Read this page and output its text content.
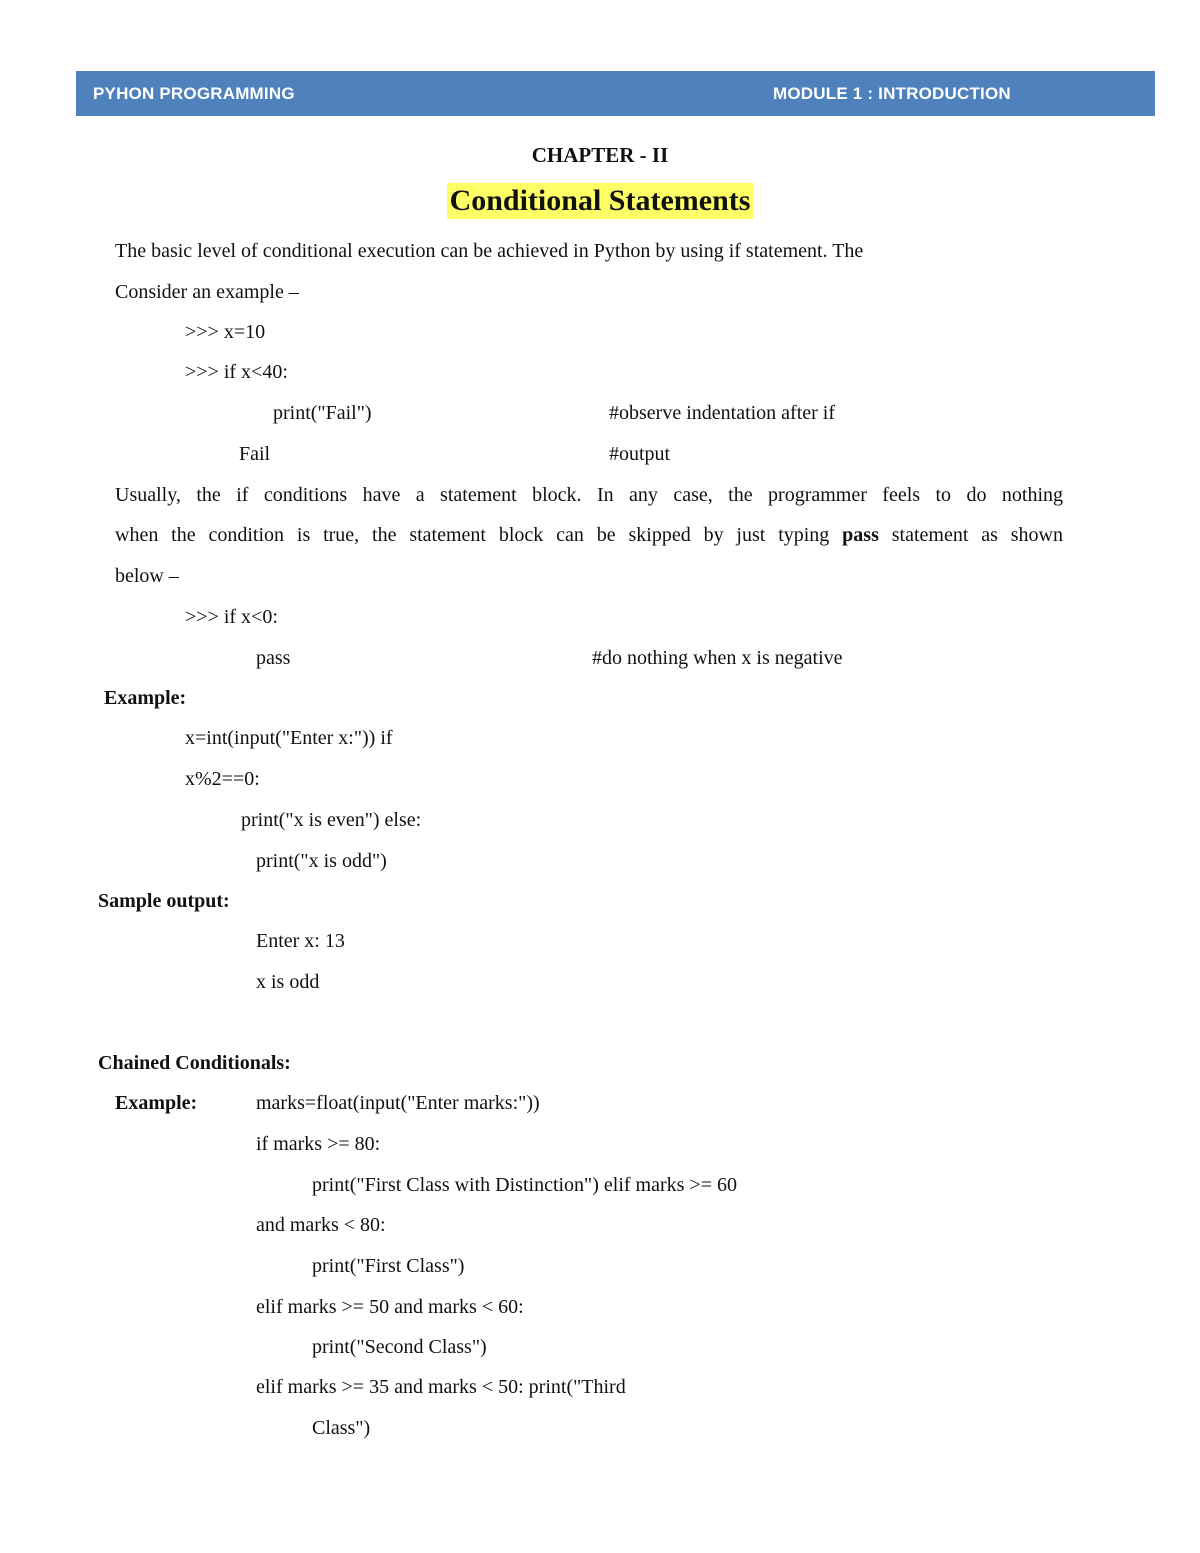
PYHON PROGRAMMING	MODULE 1 : INTRODUCTION
CHAPTER - II
Conditional Statements
The basic level of conditional execution can be achieved in Python by using if statement. The
Consider an example –
>>> x=10
>>> if x<40:
print("Fail")	#observe indentation after if
Fail	#output
Usually, the if conditions have a statement block. In any case, the programmer feels to do nothing
when the condition is true, the statement block can be skipped by just typing pass statement as shown
below –
>>> if x<0:
pass	#do nothing when x is negative
Example:
x=int(input("Enter x:")) if
x%2==0:
print("x is even") else:
print("x is odd")
Sample output:
Enter x: 13
x is odd
Chained Conditionals:
Example:	marks=float(input("Enter marks:"))
if marks >= 80:
print("First Class with Distinction") elif marks >= 60
and marks < 80:
print("First Class")
elif marks >= 50 and marks < 60:
print("Second Class")
elif marks >= 35 and marks < 50: print("Third
Class")
